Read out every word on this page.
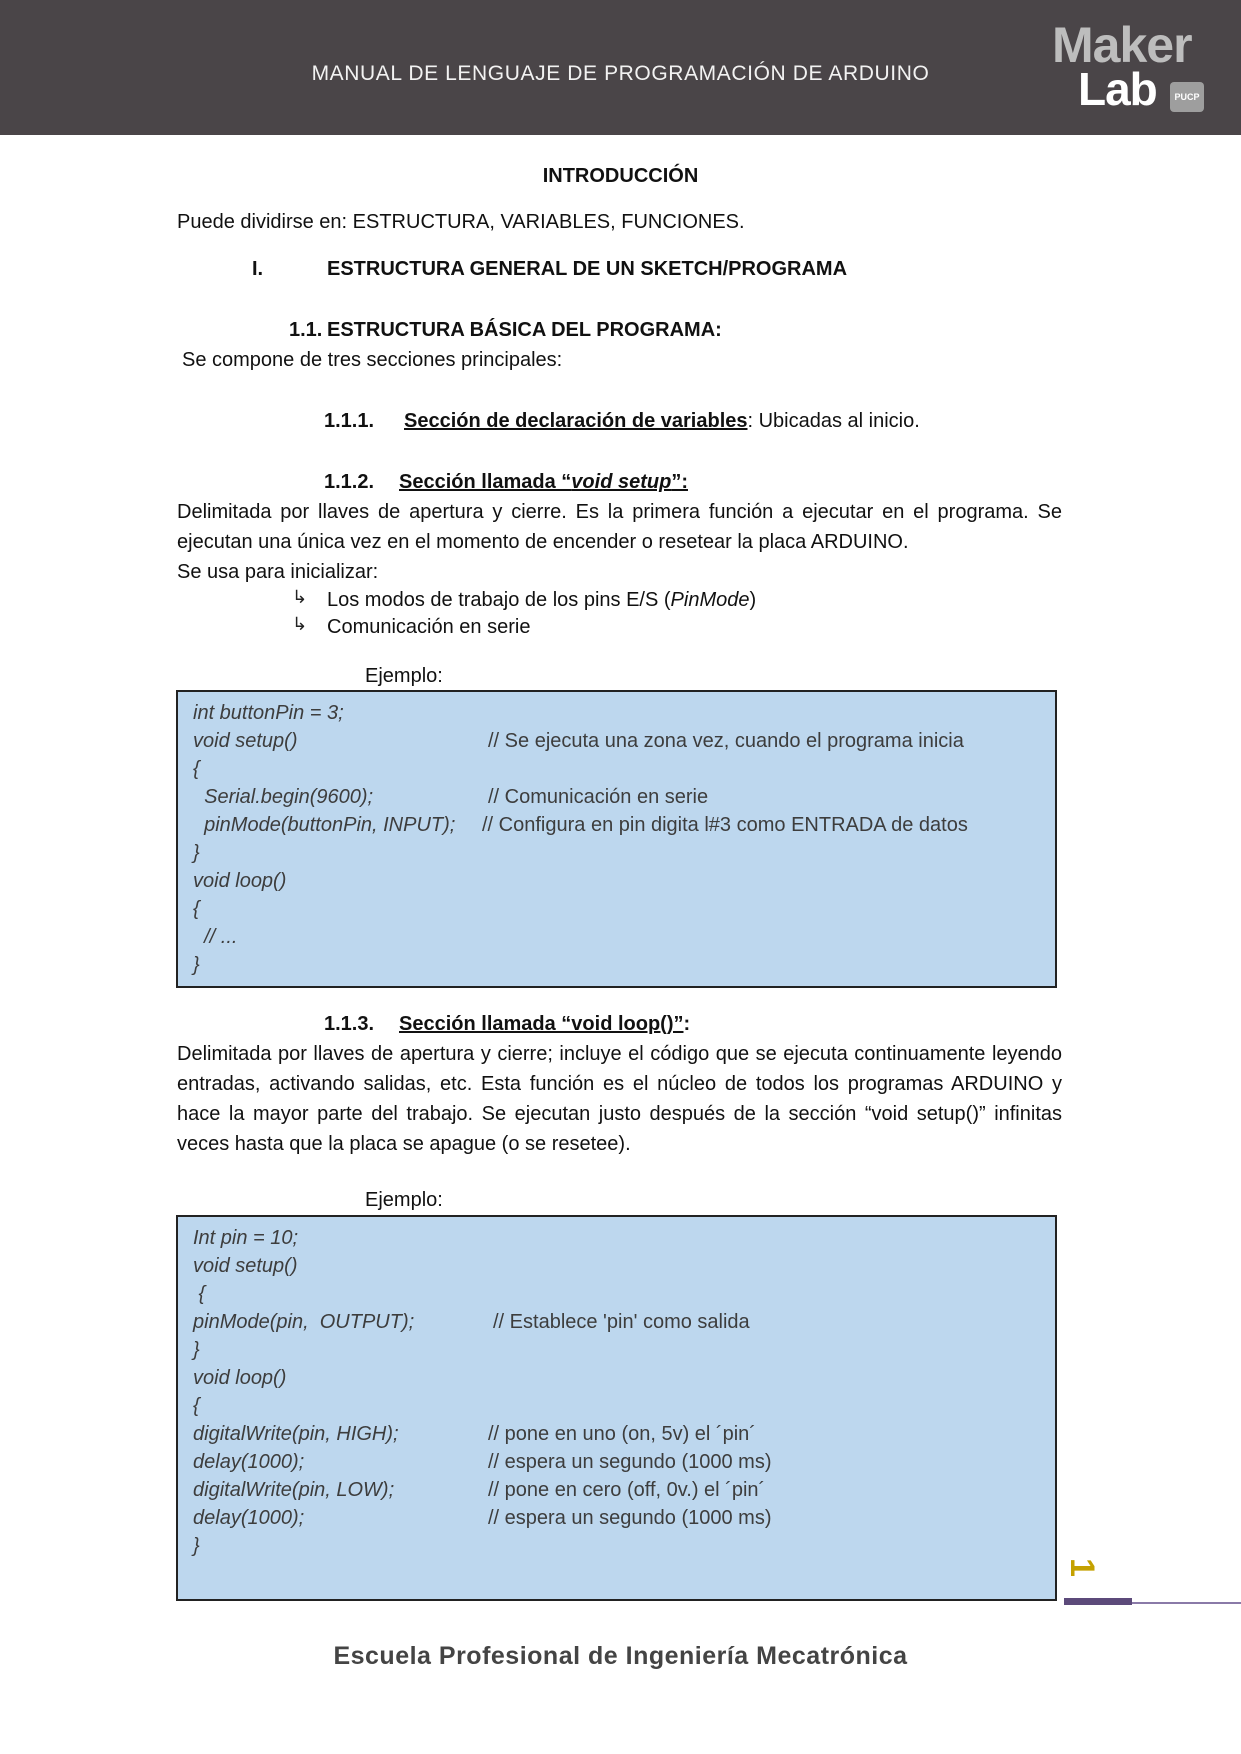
MANUAL DE LENGUAJE DE PROGRAMACIÓN DE ARDUINO
Maker
Lab	PUCP
INTRODUCCIÓN
Puede dividirse en: ESTRUCTURA, VARIABLES, FUNCIONES.
I.	ESTRUCTURA GENERAL DE UN SKETCH/PROGRAMA
1.1. ESTRUCTURA BÁSICA DEL PROGRAMA:
Se compone de tres secciones principales:
1.1.1. Sección de declaración de variables: Ubicadas al inicio.
1.1.2. Sección llamada “void setup”:
Delimitada por llaves de apertura y cierre. Es la primera función a ejecutar en el programa. Se ejecutan una única vez en el momento de encender o resetear la placa ARDUINO.
Se usa para inicializar:
↳ Los modos de trabajo de los pins E/S (PinMode)
↳ Comunicación en serie
Ejemplo:
int buttonPin = 3;
void setup()	// Se ejecuta una zona vez, cuando el programa inicia
{
Serial.begin(9600);	// Comunicación en serie
pinMode(buttonPin, INPUT); // Configura en pin digita l#3 como ENTRADA de datos
}
void loop()
{
// ...
}
1.1.3. Sección llamada “void loop()”:
Delimitada por llaves de apertura y cierre; incluye el código que se ejecuta continuamente leyendo entradas, activando salidas, etc. Esta función es el núcleo de todos los programas ARDUINO y hace la mayor parte del trabajo. Se ejecutan justo después de la sección “void setup()” infinitas veces hasta que la placa se apague (o se resetee).
Ejemplo:
Int pin = 10;
void setup()
{
pinMode(pin,  OUTPUT);	// Establece 'pin' como salida
}
void loop()
{
digitalWrite(pin, HIGH);	// pone en uno (on, 5v) el ´pin´
delay(1000);	// espera un segundo (1000 ms)
digitalWrite(pin, LOW);	// pone en cero (off, 0v.) el ´pin´
delay(1000);	// espera un segundo (1000 ms)
}
1
Escuela Profesional de Ingeniería Mecatrónica
